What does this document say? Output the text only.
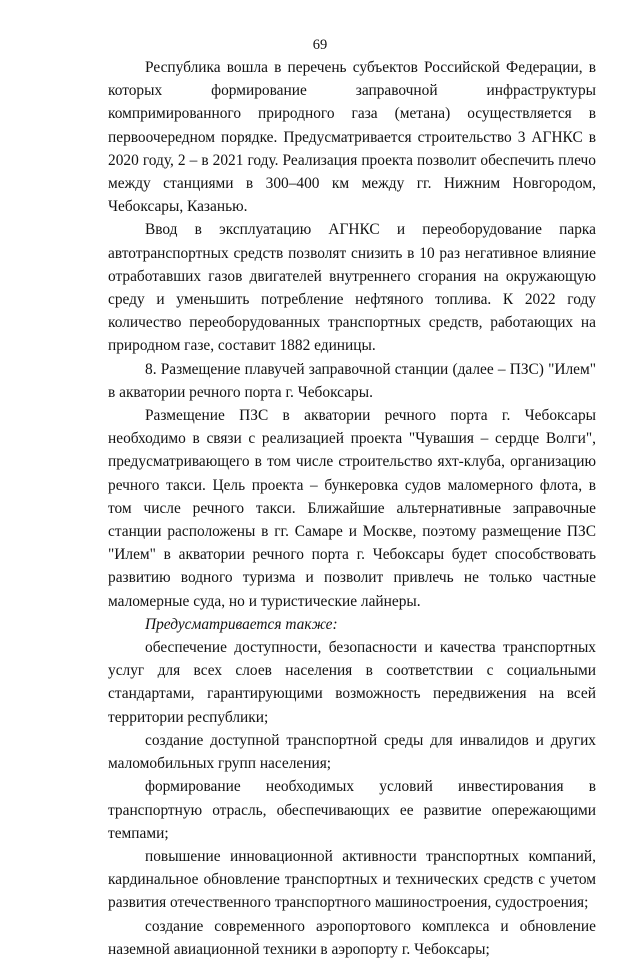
69

Республика вошла в перечень субъектов Российской Федерации, в которых формирование заправочной инфраструктуры компримированного природного газа (метана) осуществляется в первоочередном порядке. Предусматривается строительство 3 АГНКС в 2020 году, 2 – в 2021 году. Реализация проекта позволит обеспечить плечо между станциями в 300–400 км между гг. Нижним Новгородом, Чебоксары, Казанью.

Ввод в эксплуатацию АГНКС и переоборудование парка автотранспортных средств позволят снизить в 10 раз негативное влияние отработавших газов двигателей внутреннего сгорания на окружающую среду и уменьшить потребление нефтяного топлива. К 2022 году количество переоборудованных транспортных средств, работающих на природном газе, составит 1882 единицы.

8. Размещение плавучей заправочной станции (далее – ПЗС) "Илем" в акватории речного порта г. Чебоксары.

Размещение ПЗС в акватории речного порта г. Чебоксары необходимо в связи с реализацией проекта "Чувашия – сердце Волги", предусматривающего в том числе строительство яхт-клуба, организацию речного такси. Цель проекта – бункеровка судов маломерного флота, в том числе речного такси. Ближайшие альтернативные заправочные станции расположены в гг. Самаре и Москве, поэтому размещение ПЗС "Илем" в акватории речного порта г. Чебоксары будет способствовать развитию водного туризма и позволит привлечь не только частные маломерные суда, но и туристические лайнеры.

Предусматривается также:

обеспечение доступности, безопасности и качества транспортных услуг для всех слоев населения в соответствии с социальными стандартами, гарантирующими возможность передвижения на всей территории республики;

создание доступной транспортной среды для инвалидов и других маломобильных групп населения;

формирование необходимых условий инвестирования в транспортную отрасль, обеспечивающих ее развитие опережающими темпами;

повышение инновационной активности транспортных компаний, кардинальное обновление транспортных и технических средств с учетом развития отечественного транспортного машиностроения, судостроения;

создание современного аэропортового комплекса и обновление наземной авиационной техники в аэропорту г. Чебоксары;
